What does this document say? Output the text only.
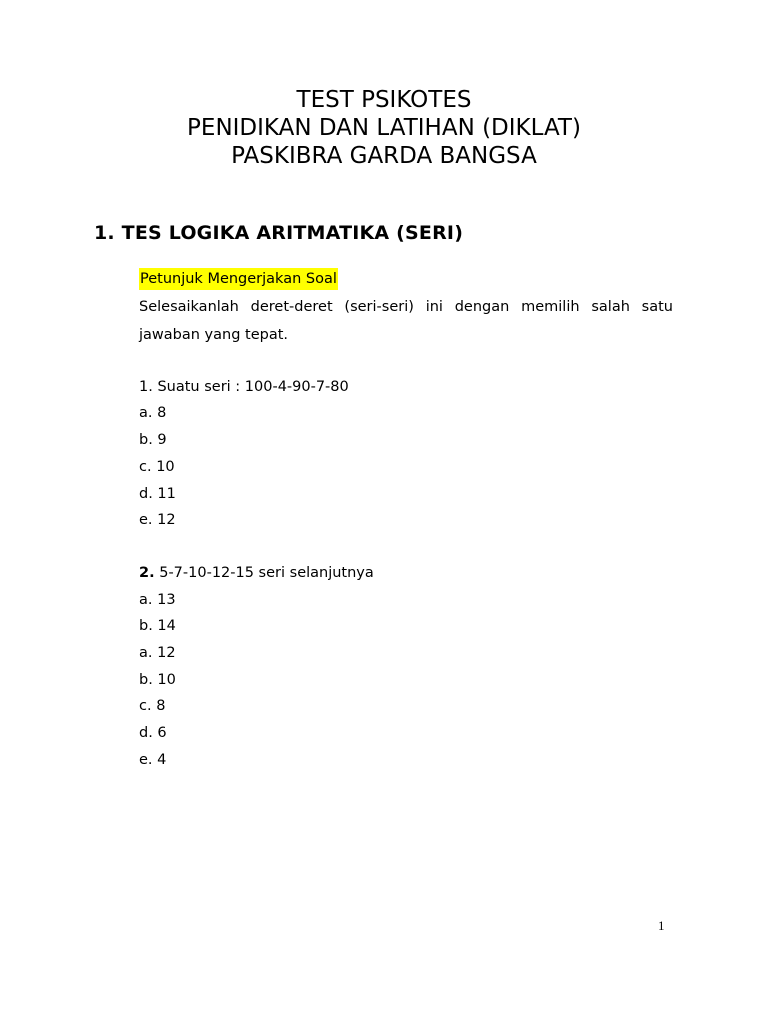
TEST PSIKOTES
PENIDIKAN DAN LATIHAN (DIKLAT)
PASKIBRA GARDA BANGSA
1. TES LOGIKA ARITMATIKA (SERI)
Petunjuk Mengerjakan Soal
Selesaikanlah deret-deret (seri-seri) ini dengan memilih salah satu jawaban yang tepat.
1. Suatu seri : 100-4-90-7-80
a. 8
b. 9
c. 10
d. 11
e. 12
2. 5-7-10-12-15 seri selanjutnya
a. 13
b. 14
a. 12
b. 10
c. 8
d. 6
e. 4
1
